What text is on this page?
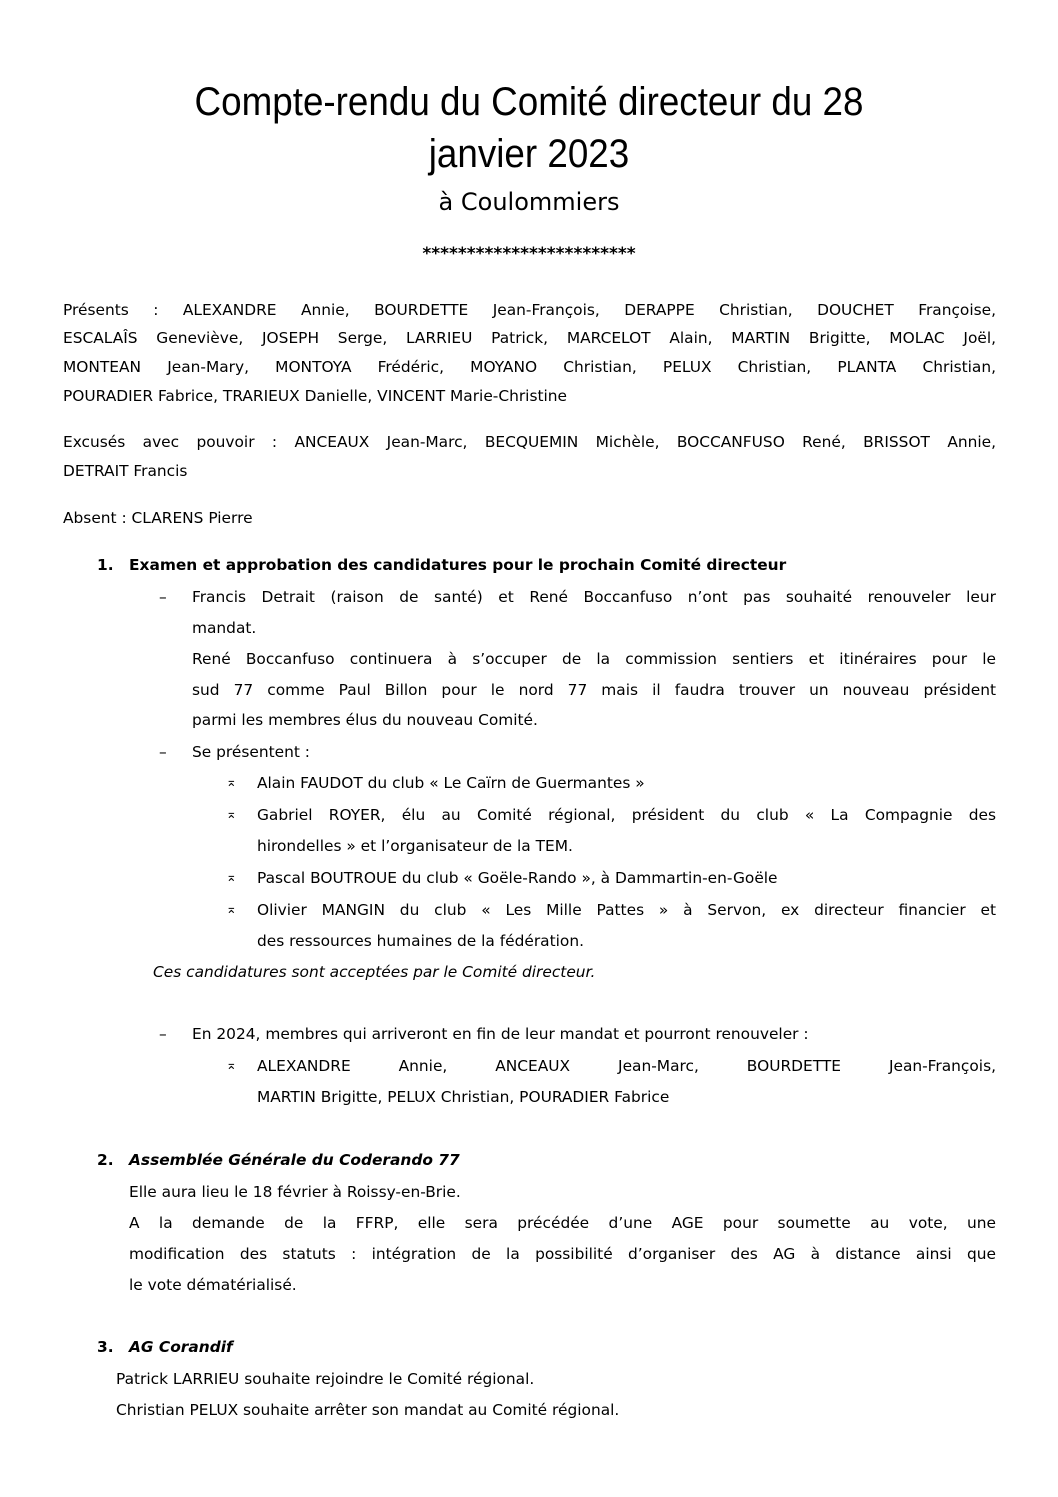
Compte-rendu du Comité directeur du 28
janvier 2023
à Coulommiers
************************
Présents : ALEXANDRE Annie, BOURDETTE Jean-François, DERAPPE Christian, DOUCHET Françoise,
ESCALAÎS Geneviève, JOSEPH Serge, LARRIEU Patrick, MARCELOT Alain, MARTIN Brigitte, MOLAC Joël,
MONTEAN Jean-Mary, MONTOYA Frédéric, MOYANO Christian, PELUX Christian, PLANTA Christian,
POURADIER Fabrice, TRARIEUX Danielle, VINCENT Marie-Christine
Excusés avec pouvoir : ANCEAUX Jean-Marc, BECQUEMIN Michèle, BOCCANFUSO René, BRISSOT Annie,
DETRAIT Francis
Absent : CLARENS Pierre
1. Examen et approbation des candidatures pour le prochain Comité directeur
– Francis Detrait (raison de santé) et René Boccanfuso n’ont pas souhaité renouveler leur
mandat.
René Boccanfuso continuera à s’occuper de la commission sentiers et itinéraires pour le
sud 77 comme Paul Billon pour le nord 77 mais il faudra trouver un nouveau président
parmi les membres élus du nouveau Comité.
– Se présentent :
⌅ Alain FAUDOT du club « Le Caïrn de Guermantes »
⌅ Gabriel ROYER, élu au Comité régional, président du club « La Compagnie des
hirondelles » et l’organisateur de la TEM.
⌅ Pascal BOUTROUE du club « Goële-Rando », à Dammartin-en-Goële
⌅ Olivier MANGIN du club « Les Mille Pattes » à Servon, ex directeur financier et
des ressources humaines de la fédération.
Ces candidatures sont acceptées par le Comité directeur.
– En 2024, membres qui arriveront en fin de leur mandat et pourront renouveler :
⌅ ALEXANDRE Annie, ANCEAUX Jean-Marc, BOURDETTE Jean-François,
MARTIN Brigitte, PELUX Christian, POURADIER Fabrice
2. Assemblée Générale du Coderando 77
Elle aura lieu le 18 février à Roissy-en-Brie.
A la demande de la FFRP, elle sera précédée d’une AGE pour soumette au vote, une
modification des statuts : intégration de la possibilité d’organiser des AG à distance ainsi que
le vote dématérialisé.
3. AG Corandif
Patrick LARRIEU souhaite rejoindre le Comité régional.
Christian PELUX souhaite arrêter son mandat au Comité régional.
